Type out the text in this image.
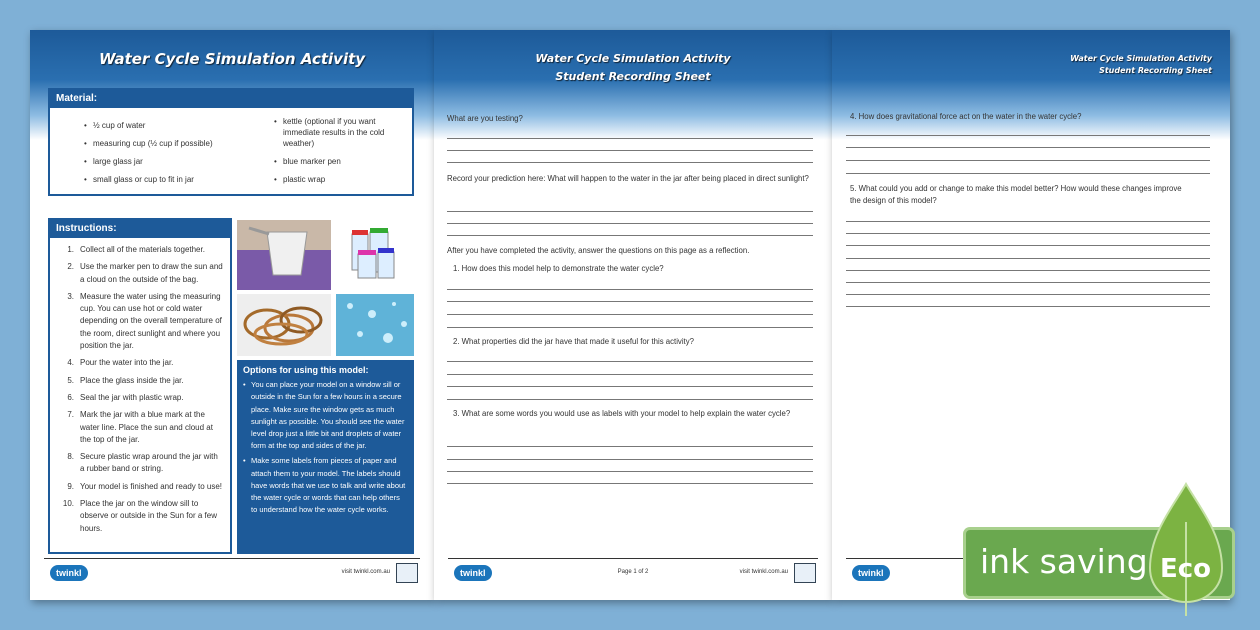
Water Cycle Simulation Activity
Material:
• ½ cup of water
• measuring cup (½ cup if possible)
• large glass jar
• small glass or cup to fit in jar
• kettle (optional if you want immediate results in the cold weather)
• blue marker pen
• plastic wrap
Instructions:
1. Collect all of the materials together.
2. Use the marker pen to draw the sun and a cloud on the outside of the bag.
3. Measure the water using the measuring cup. You can use hot or cold water depending on the overall temperature of the room, direct sunlight and where you position the jar.
4. Pour the water into the jar.
5. Place the glass inside the jar.
6. Seal the jar with plastic wrap.
7. Mark the jar with a blue mark at the water line. Place the sun and cloud at the top of the jar.
8. Secure plastic wrap around the jar with a rubber band or string.
9. Your model is finished and ready to use!
10. Place the jar on the window sill to observe or outside in the Sun for a few hours.
Options for using this model:
• You can place your model on a window sill or outside in the Sun for a few hours in a secure place. Make sure the window gets as much sunlight as possible. You should see the water level drop just a little bit and droplets of water form at the top and sides of the jar.
• Make some labels from pieces of paper and attach them to your model. The labels should have words that we use to talk and write about the water cycle or words that can help others to understand how the water cycle works.
twinkl	visit twinkl.com.au
Water Cycle Simulation Activity
Student Recording Sheet
What are you testing?
Record your prediction here: What will happen to the water in the jar after being placed in direct sunlight?
After you have completed the activity, answer the questions on this page as a reflection.
1. How does this model help to demonstrate the water cycle?
2. What properties did the jar have that made it useful for this activity?
3. What are some words you would use as labels with your model to help explain the water cycle?
twinkl	Page 1 of 2	visit twinkl.com.au
Water Cycle Simulation Activity
Student Recording Sheet
4. How does gravitational force act on the water in the water cycle?
5. What could you add or change to make this model better? How would these changes improve the design of this model?
twinkl	ink saving Eco
